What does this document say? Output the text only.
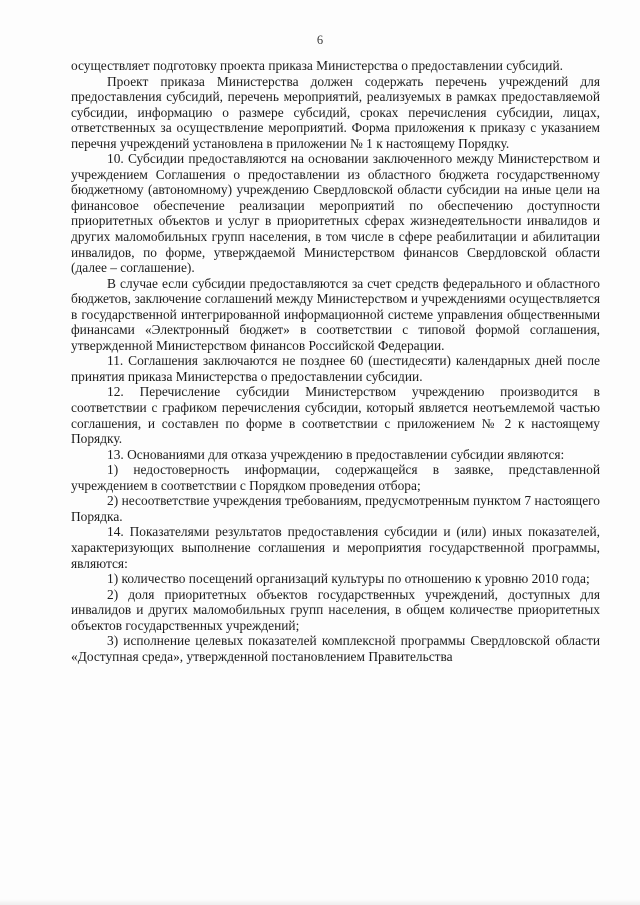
6

осуществляет подготовку проекта приказа Министерства о предоставлении субсидий.

Проект приказа Министерства должен содержать перечень учреждений для предоставления субсидий, перечень мероприятий, реализуемых в рамках предоставляемой субсидии, информацию о размере субсидий, сроках перечисления субсидии, лицах, ответственных за осуществление мероприятий. Форма приложения к приказу с указанием перечня учреждений установлена в приложении № 1 к настоящему Порядку.

10. Субсидии предоставляются на основании заключенного между Министерством и учреждением Соглашения о предоставлении из областного бюджета государственному бюджетному (автономному) учреждению Свердловской области субсидии на иные цели на финансовое обеспечение реализации мероприятий по обеспечению доступности приоритетных объектов и услуг в приоритетных сферах жизнедеятельности инвалидов и других маломобильных групп населения, в том числе в сфере реабилитации и абилитации инвалидов, по форме, утверждаемой Министерством финансов Свердловской области (далее – соглашение).

В случае если субсидии предоставляются за счет средств федерального и областного бюджетов, заключение соглашений между Министерством и учреждениями осуществляется в государственной интегрированной информационной системе управления общественными финансами «Электронный бюджет» в соответствии с типовой формой соглашения, утвержденной Министерством финансов Российской Федерации.

11. Соглашения заключаются не позднее 60 (шестидесяти) календарных дней после принятия приказа Министерства о предоставлении субсидии.

12. Перечисление субсидии Министерством учреждению производится в соответствии с графиком перечисления субсидии, который является неотъемлемой частью соглашения, и составлен по форме в соответствии с приложением № 2 к настоящему Порядку.

13. Основаниями для отказа учреждению в предоставлении субсидии являются:

1) недостоверность информации, содержащейся в заявке, представленной учреждением в соответствии с Порядком проведения отбора;

2) несоответствие учреждения требованиям, предусмотренным пунктом 7 настоящего Порядка.

14. Показателями результатов предоставления субсидии и (или) иных показателей, характеризующих выполнение соглашения и мероприятия государственной программы, являются:

1) количество посещений организаций культуры по отношению к уровню 2010 года;

2) доля приоритетных объектов государственных учреждений, доступных для инвалидов и других маломобильных групп населения, в общем количестве приоритетных объектов государственных учреждений;

3) исполнение целевых показателей комплексной программы Свердловской области «Доступная среда», утвержденной постановлением Правительства
